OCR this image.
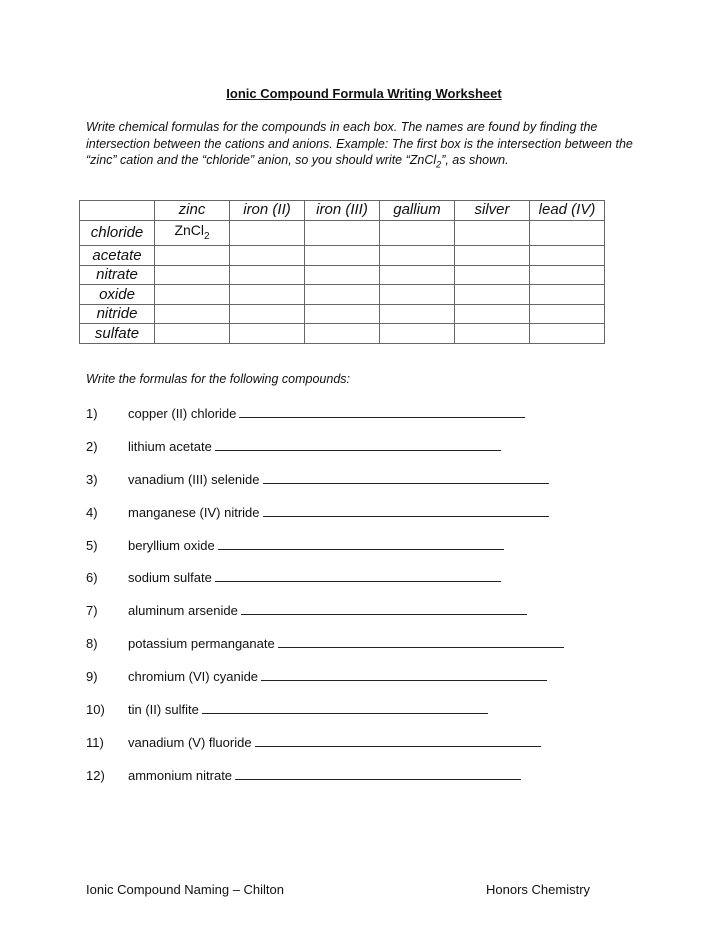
Ionic Compound Formula Writing Worksheet
Write chemical formulas for the compounds in each box. The names are found by finding the intersection between the cations and anions. Example: The first box is the intersection between the “zinc” cation and the “chloride” anion, so you should write “ZnCl$_2$”, as shown.
	zinc	iron (II)	iron (III)	gallium	silver	lead (IV)
chloride	ZnCl$_2$					
acetate						
nitrate						
oxide						
nitride						
sulfate						
Write the formulas for the following compounds:
1) copper (II) chloride
2) lithium acetate
3) vanadium (III) selenide
4) manganese (IV) nitride
5) beryllium oxide
6) sodium sulfate
7) aluminum arsenide
8) potassium permanganate
9) chromium (VI) cyanide
10) tin (II) sulfite
11) vanadium (V) fluoride
12) ammonium nitrate
Ionic Compound Naming – Chilton	Honors Chemistry
